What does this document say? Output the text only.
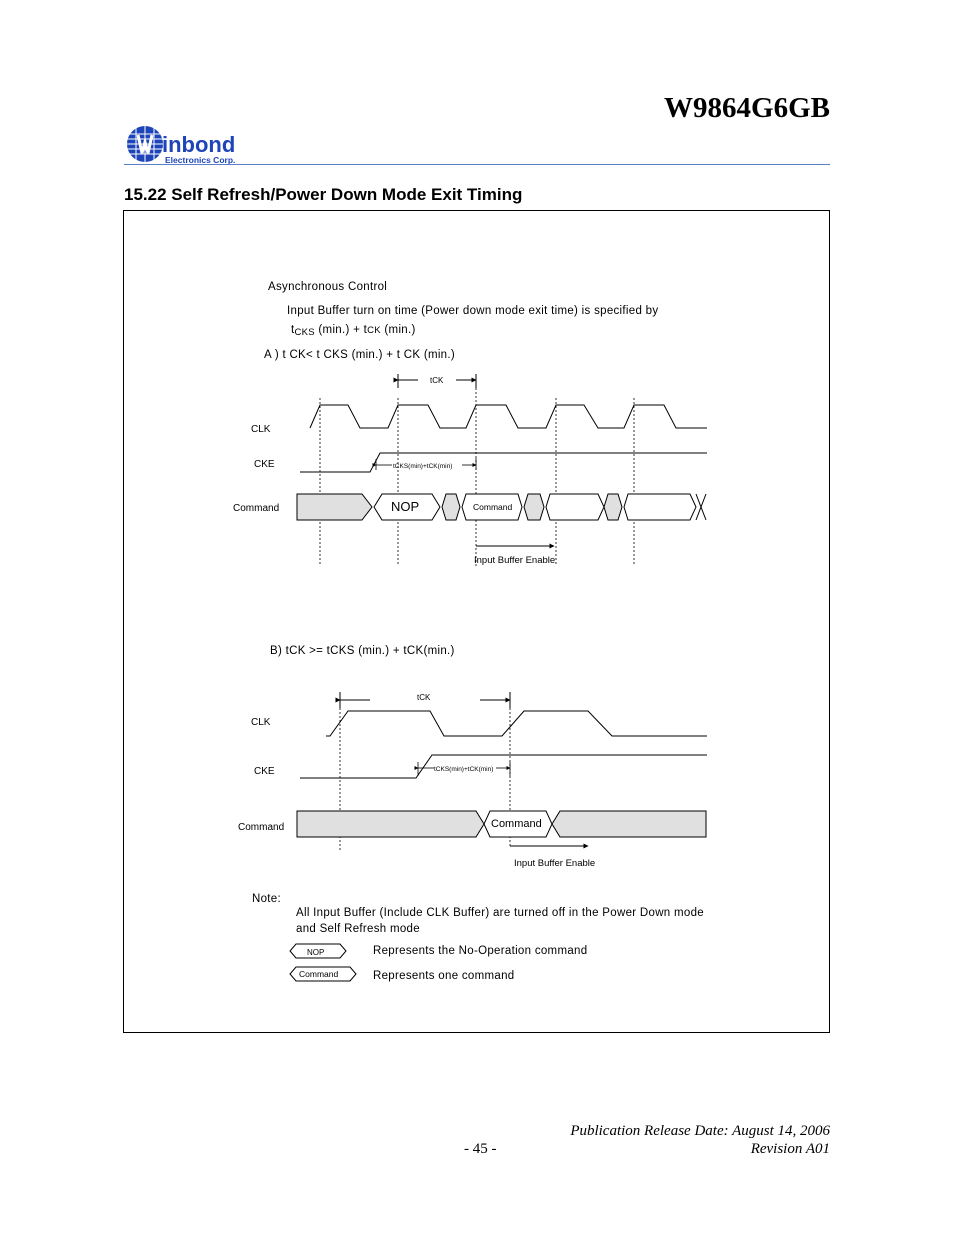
W9864G6GB
inbond
Electronics Corp.
15.22 Self Refresh/Power Down Mode Exit Timing
Asynchronous Control
Input Buffer turn on time (Power down mode exit time) is specified by
tCKS (min.) + tCK (min.)
A ) t CK< t CKS (min.) + t CK (min.)
tCK
CLK
CKE	tCKS(min)+tCK(min)
Command	NOP	Command
Input Buffer Enable
B) tCK >= tCKS (min.) + tCK(min.)
tCK
CLK
CKE	tCKS(min)+tCK(min)
Command	Command
Input Buffer Enable
NOP
Command
Note:
All Input Buffer (Include CLK Buffer) are turned off in the Power Down mode
and Self Refresh mode
Represents the No-Operation command
Represents one command
Publication Release Date: August 14, 2006
- 45 -	Revision A01
